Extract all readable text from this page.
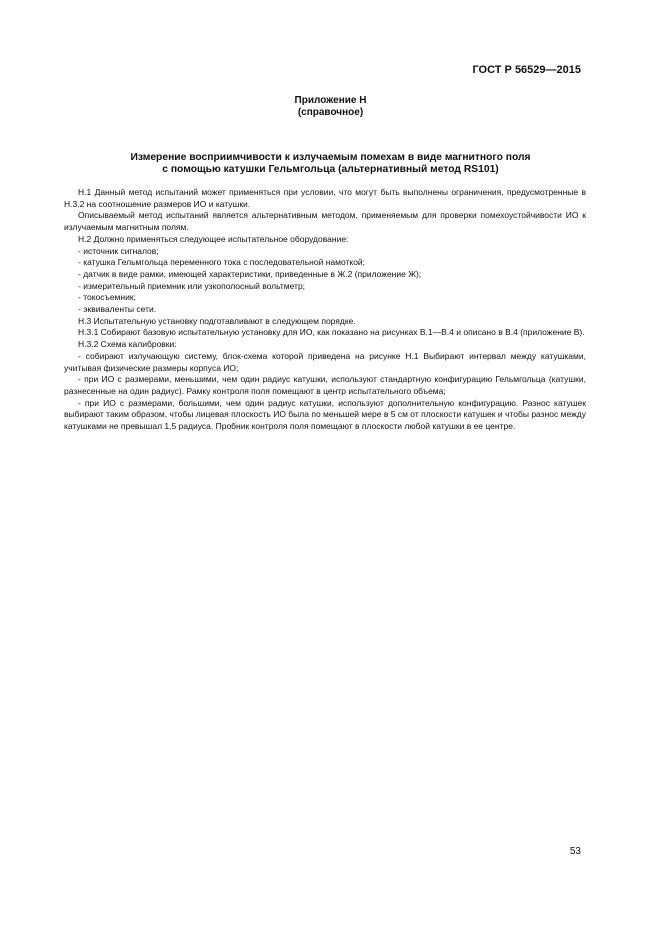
ГОСТ Р 56529—2015
Приложение Н
(справочное)
Измерение восприимчивости к излучаемым помехам в виде магнитного поля
с помощью катушки Гельмгольца (альтернативный метод RS101)

Н.1 Данный метод испытаний может применяться при условии, что могут быть выполнены ограничения, предусмотренные в Н.3.2 на соотношение размеров ИО и катушки.

Описываемый метод испытаний является альтернативным методом, применяемым для проверки помехоустойчивости ИО к излучаемым магнитным полям.

Н.2 Должно применяться следующее испытательное оборудование:

- источник сигналов;

- катушка Гельмгольца переменного тока с последовательной намоткой;

- датчик в виде рамки, имеющей характеристики, приведенные в Ж.2 (приложение Ж);

- измерительный приемник или узкополосный вольтметр;

- токосъемник;

- эквиваленты сети.

Н.3 Испытательную установку подготавливают в следующем порядке.

Н.3.1 Собирают базовую испытательную установку для ИО, как показано на рисунках В.1—В.4 и описано в В.4 (приложение В).

Н.3.2 Схема калибровки:

- собирают излучающую систему, блок-схема которой приведена на рисунке Н.1 Выбирают интервал между катушками, учитывая физические размеры корпуса ИО;

- при ИО с размерами, меньшими, чем один радиус катушки, используют стандартную конфигурацию Гельмгольца (катушки, разнесенные на один радиус). Рамку контроля поля помещают в центр испытательного объема;

- при ИО с размерами, большими, чем один радиус катушки, используют дополнительную конфигурацию. Разнос катушек выбирают таким образом, чтобы лицевая плоскость ИО была по меньшей мере в 5 см от плоскости катушек и чтобы разнос между катушками не превышал 1,5 радиуса. Пробник контроля поля помещают в плоскости любой катушки в ее центре.

53
